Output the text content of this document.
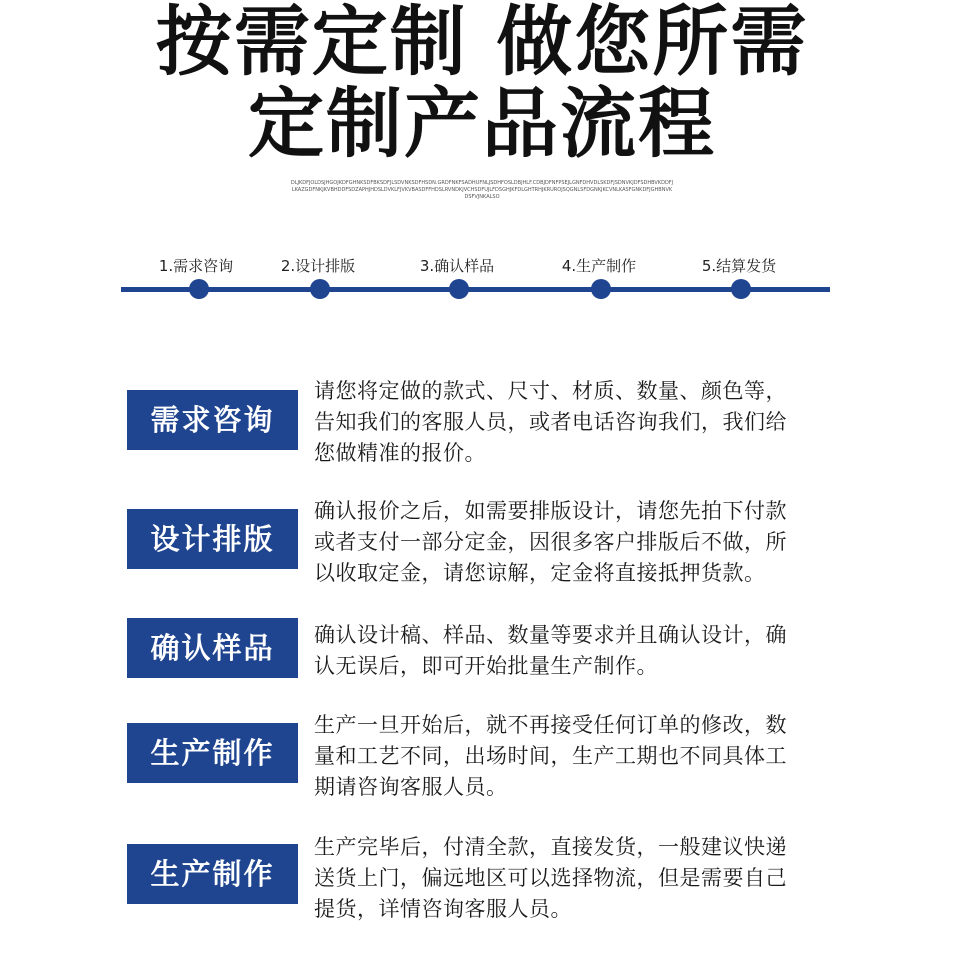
按需定制 做您所需
定制产品流程
DLJKDFJOLDSJHGOJKDFGHNKSDFBKSDFJLSDVNKSDFHSDN.GRDFNKFSADHUFNLJSDHFOSLDBJHLF.CDBJDFNFPSEJLGNFDHVDLSKDFJSDNVKJDFSDHBVKDDFJLKAZGDFNKJKVBHDDFSDZAPHJHDSLDVKLFJVKVBASDFFHDSLRVNDKJVCHSDFUJLFDSGHJKFDLGHTRHJKRUROJSQGNLSFDGNKJKCVNLKASFGNKDFJGHBNVKDSFVJNKALSO
1.需求咨询	2.设计排版	3.确认样品	4.生产制作	5.结算发货
需求咨询
请您将定做的款式、尺寸、材质、数量、颜色等，
告知我们的客服人员，或者电话咨询我们，我们给
您做精准的报价。
设计排版
确认报价之后，如需要排版设计，请您先拍下付款
或者支付一部分定金，因很多客户排版后不做，所
以收取定金，请您谅解，定金将直接抵押货款。
确认样品	确认设计稿、样品、数量等要求并且确认设计，确
认无误后，即可开始批量生产制作。
生产制作
生产一旦开始后，就不再接受任何订单的修改，数
量和工艺不同，出场时间，生产工期也不同具体工
期请咨询客服人员。
生产制作
生产完毕后，付清全款，直接发货，一般建议快递
送货上门，偏远地区可以选择物流，但是需要自己
提货，详情咨询客服人员。
